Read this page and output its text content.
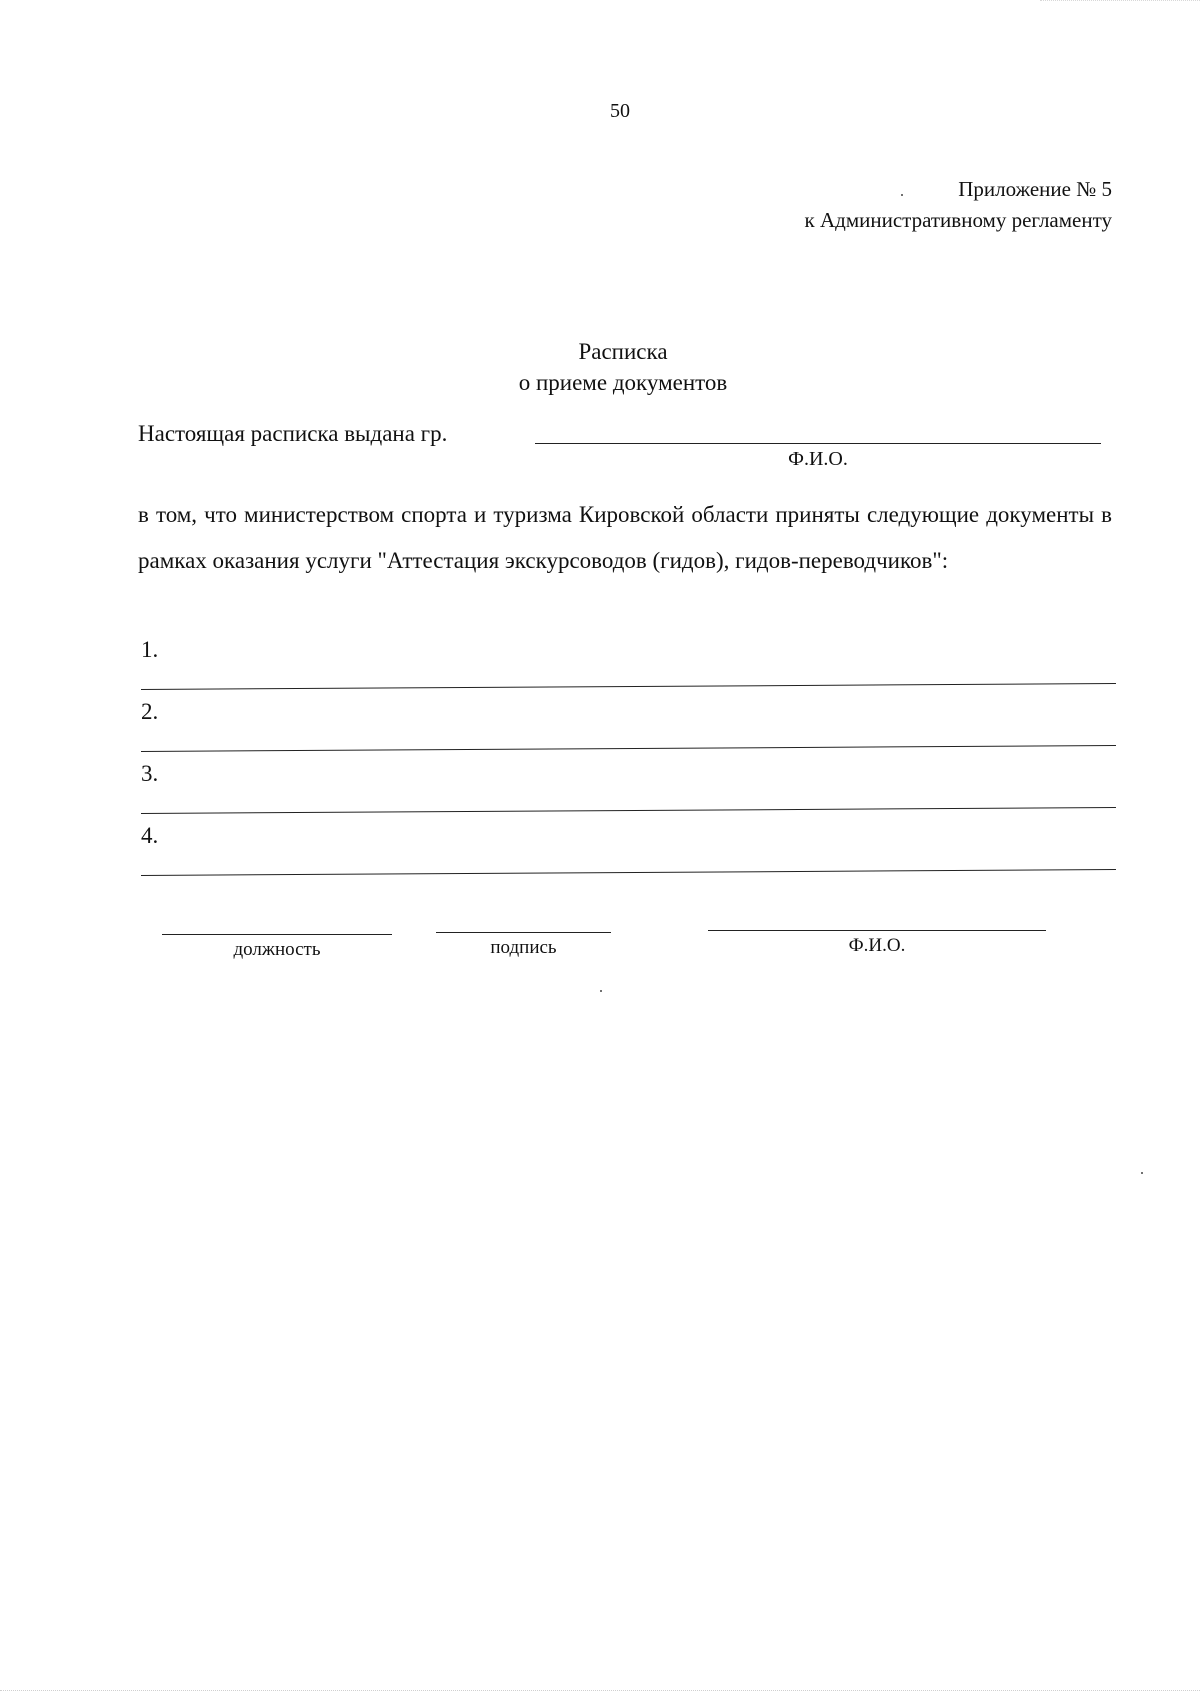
50
Приложение № 5
к Административному регламенту
Расписка
о приеме документов
Настоящая расписка выдана гр.
Ф.И.О.
в том, что министерством спорта и туризма Кировской области приняты следующие документы в рамках оказания услуги "Аттестация экскурсоводов (гидов), гидов-переводчиков":
1.
2.
3.
4.
должность	подпись	Ф.И.О.
